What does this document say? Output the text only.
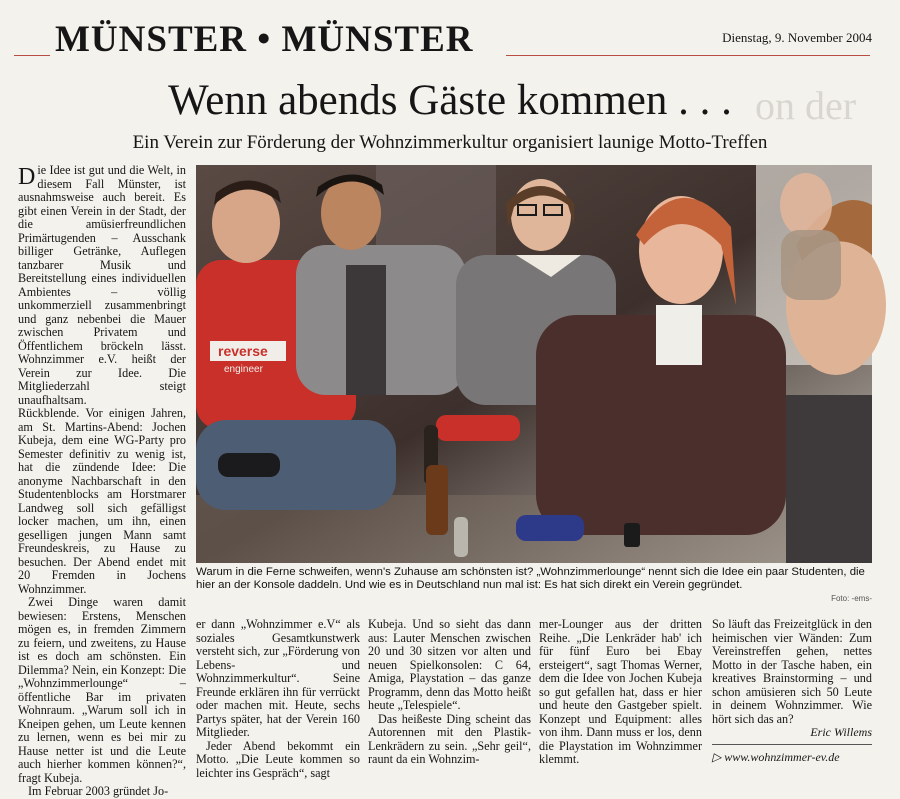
on der
MÜNSTER • MÜNSTER	Dienstag, 9. November 2004
Wenn abends Gäste kommen . . .
Ein Verein zur Förderung der Wohnzimmerkultur organisiert launige Motto-Treffen

Die Idee ist gut und die Welt, in diesem Fall Münster, ist ausnahmsweise auch bereit. Es gibt einen Verein in der Stadt, der die amüsierfreundlichen Primärtugenden – Ausschank billiger Getränke, Auflegen tanzbarer Musik und Bereitstellung eines individuellen Ambientes – völlig unkommerziell zusammenbringt und ganz nebenbei die Mauer zwischen Privatem und Öffentlichem bröckeln lässt. Wohnzimmer e.V. heißt der Verein zur Idee. Die Mitgliederzahl steigt unaufhaltsam.

Rückblende. Vor einigen Jahren, am St. Martins-Abend: Jochen Kubeja, dem eine WG-Party pro Semester definitiv zu wenig ist, hat die zündende Idee: Die anonyme Nachbarschaft in den Studentenblocks am Horstmarer Landweg soll sich gefälligst locker machen, um ihn, einen geselligen jungen Mann samt Freundeskreis, zu Hause zu besuchen. Der Abend endet mit 20 Fremden in Jochens Wohnzimmer.

Zwei Dinge waren damit bewiesen: Erstens, Menschen mögen es, in fremden Zimmern zu feiern, und zweitens, zu Hause ist es doch am schönsten. Ein Dilemma? Nein, ein Konzept: Die „Wohnzimmerlounge“ – öffentliche Bar im privaten Wohnraum. „Warum soll ich in Kneipen gehen, um Leute kennen zu lernen, wenn es bei mir zu Hause netter ist und die Leute auch hierher kommen können?“, fragt Kubeja.

Im Februar 2003 gründet Jo-

reverse
engineer
Warum in die Ferne schweifen, wenn's Zuhause am schönsten ist? „Wohnzimmerlounge“ nennt sich die Idee ein paar Studenten, die hier an der Konsole daddeln. Und wie es in Deutschland nun mal ist: Es hat sich direkt ein Verein gegründet.
Foto: -ems-

er dann „Wohnzimmer e.V“ als soziales Gesamtkunstwerk versteht sich, zur „Förderung von Lebens- und Wohnzimmerkultur“. Seine Freunde erklären ihn für verrückt oder machen mit. Heute, sechs Partys später, hat der Verein 160 Mitglieder.

Jeder Abend bekommt ein Motto. „Die Leute kommen so leichter ins Gespräch“, sagt

Kubeja. Und so sieht das dann aus: Lauter Menschen zwischen 20 und 30 sitzen vor alten und neuen Spielkonsolen: C 64, Amiga, Playstation – das ganze Programm, denn das Motto heißt heute „Telespiele“.

Das heißeste Ding scheint das Autorennen mit den Plastik-Lenkrädern zu sein. „Sehr geil“, raunt da ein Wohnzim-

mer-Lounger aus der dritten Reihe. „Die Lenkräder hab' ich für fünf Euro bei Ebay ersteigert“, sagt Thomas Werner, dem die Idee von Jochen Kubeja so gut gefallen hat, dass er hier und heute den Gastgeber spielt. Konzept und Equipment: alles von ihm. Dann muss er los, denn die Playstation im Wohnzimmer klemmt.

So läuft das Freizeitglück in den heimischen vier Wänden: Zum Vereinstreffen gehen, nettes Motto in der Tasche haben, ein kreatives Brainstorming – und schon amüsieren sich 50 Leute in deinem Wohnzimmer. Wie hört sich das an?

Eric Willems
▷ www.wohnzimmer-ev.de
